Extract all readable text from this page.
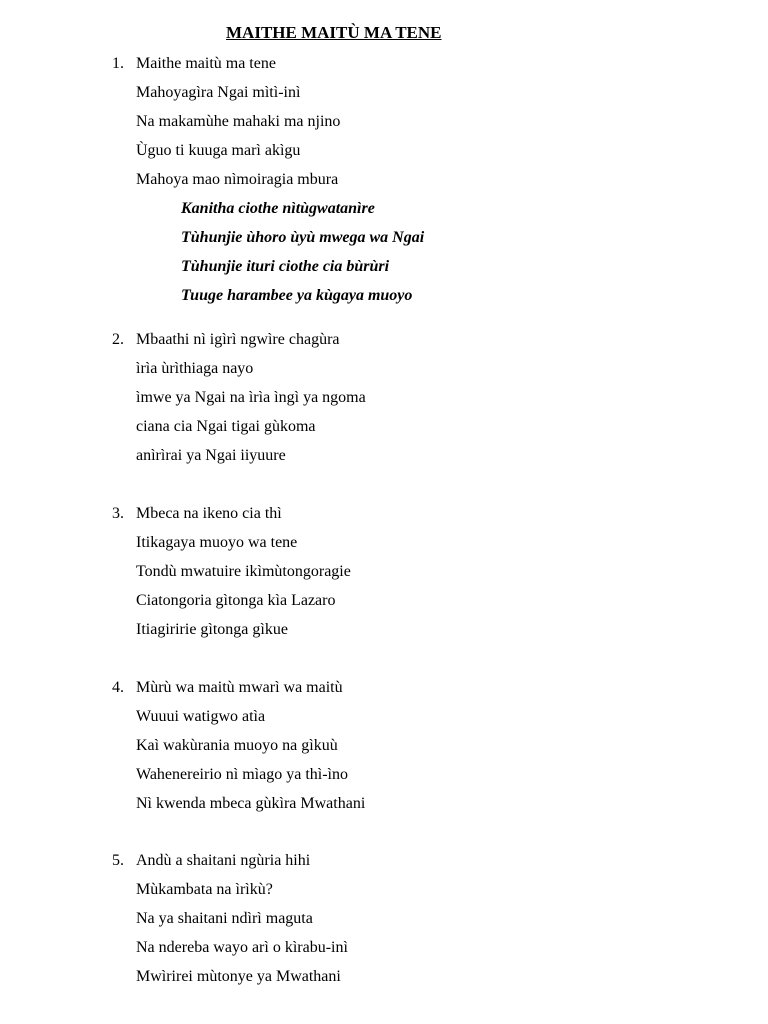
MAITHE MAITÙ MA TENE
1. Maithe maitù ma tene
Mahoyagìra Ngai mìtì-inì
Na makamùhe mahaki ma njino
Ùguo ti kuuga marì akìgu
Mahoya mao nìmoiragia mbura
Kanitha ciothe nìtùgwatanìre
Tùhunjie ùhoro ùyù mwega wa Ngai
Tùhunjie ituri ciothe cia bùrùri
Tuuge harambee ya kùgaya muoyo
2. Mbaathi nì igìrì ngwìre chagùra
ìrìa ùrìthiaga nayo
ìmwe ya Ngai na ìrìa ìngì ya ngoma
ciana cia Ngai tigai gùkoma
anìrìrai ya Ngai iiyuure
3. Mbeca na ikeno cia thì
Itikagaya muoyo wa tene
Tondù mwatuire ikìmùtongoragie
Ciatongoria gìtonga kìa Lazaro
Itiagiririe gìtonga gìkue
4. Mùrù wa maitù mwarì wa maitù
Wuuui watigwo atìa
Kaì wakùrania muoyo na gìkuù
Wahenereirio nì mìago ya thì-ìno
Nì kwenda mbeca gùkìra Mwathani
5. Andù a shaitani ngùria hihi
Mùkambata na ìrìkù?
Na ya shaitani ndìrì maguta
Na ndereba wayo arì o kìrabu-inì
Mwìrirei mùtonye ya Mwathani
